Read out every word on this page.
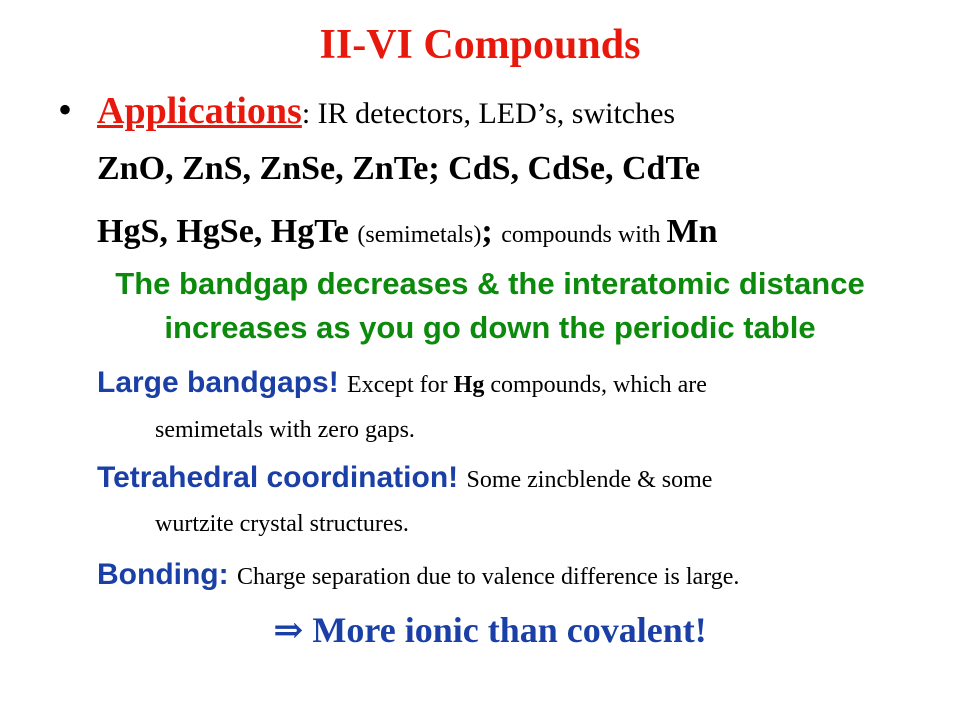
II-VI Compounds
• Applications: IR detectors, LED’s, switches
ZnO, ZnS, ZnSe, ZnTe; CdS, CdSe, CdTe
HgS, HgSe, HgTe (semimetals); compounds with Mn
The bandgap decreases & the interatomic distance
increases as you go down the periodic table
Large bandgaps! Except for Hg compounds, which are
semimetals with zero gaps.
Tetrahedral coordination! Some zincblende & some
wurtzite crystal structures.
Bonding: Charge separation due to valence difference is large.
⇒ More ionic than covalent!
